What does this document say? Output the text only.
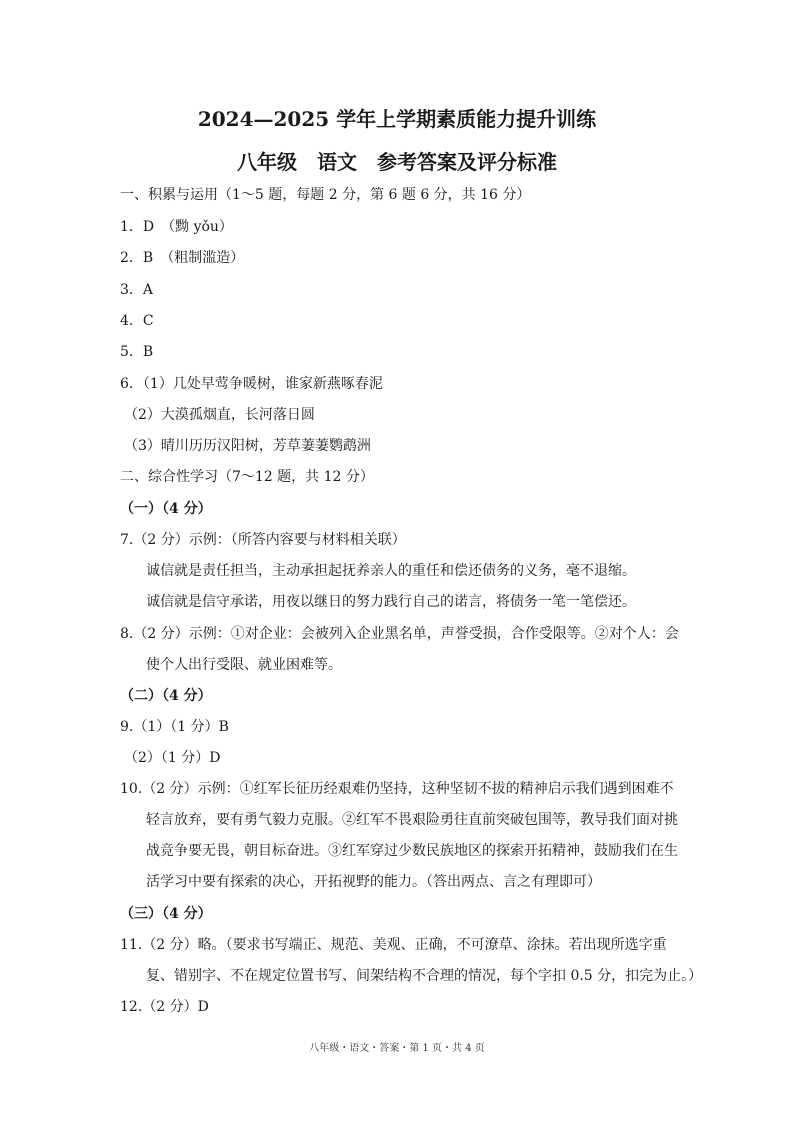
2024—2025 学年上学期素质能力提升训练
八年级　语文　参考答案及评分标准
一、积累与运用（1～5 题，每题 2 分，第 6 题 6 分，共 16 分）
1．D　（黝 yǒu）
2．B　（粗制滥造）
3．A
4．C
5．B
6．（1）几处早莺争暖树，谁家新燕啄春泥
（2）大漠孤烟直，长河落日圆
（3）晴川历历汉阳树，芳草萋萋鹦鹉洲
二、综合性学习（7～12 题，共 12 分）
（一）（4 分）
7.（2 分）示例：（所答内容要与材料相关联）
诚信就是责任担当，主动承担起抚养亲人的重任和偿还债务的义务，毫不退缩。
诚信就是信守承诺，用夜以继日的努力践行自己的诺言，将债务一笔一笔偿还。
8.（2 分）示例：①对企业：会被列入企业黑名单，声誉受损，合作受限等。②对个人：会
使个人出行受限、就业困难等。
（二）（4 分）
9.（1）（1 分）B
（2）（1 分）D
10.（2 分）示例：①红军长征历经艰难仍坚持，这种坚韧不拔的精神启示我们遇到困难不
轻言放弃，要有勇气毅力克服。②红军不畏艰险勇往直前突破包围等，教导我们面对挑
战竞争要无畏，朝目标奋进。③红军穿过少数民族地区的探索开拓精神，鼓励我们在生
活学习中要有探索的决心，开拓视野的能力。（答出两点、言之有理即可）
（三）（4 分）
11.（2 分）略。（要求书写端正、规范、美观、正确，不可潦草、涂抹。若出现所选字重
复、错别字、不在规定位置书写、间架结构不合理的情况，每个字扣 0.5 分，扣完为止。）
12.（2 分）D
八年级・语文・答案・第 1 页・共 4 页
